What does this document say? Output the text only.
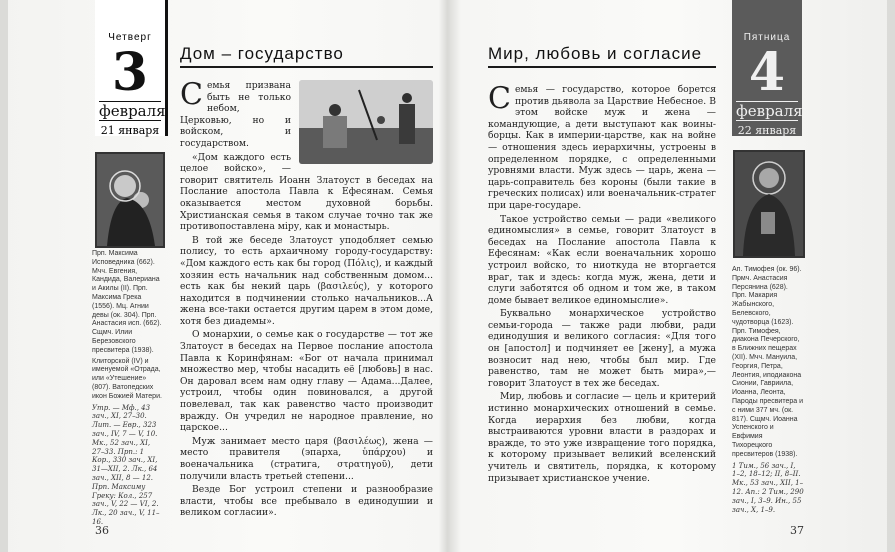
Четверг
3
февраля
21 января
Дом – государство

Прп. Максима Исповедника (662). Мчч. Евгения, Кандида, Валериана и Акилы (II). Прп. Максима Грека (1556). Мц. Агнии девы (ок. 304). Прп. Анастасия исп. (662). Сщмч. Илии Березовского пресвитера (1938).

Клиторской (IV) и именуемой «Отрада, или «Утешение» (807). Ватопедских икон Божией Матери.

Утр. — Мф., 43 зач., XI, 27–30. Лит. — Евр., 323 зач., IV, 7 — V, 10. Мк., 52 зач., XI, 27–33. Прп.: 1 Кор., 330 зач., XI, 31—XII, 2. Лк., 64 зач., XII, 8 — 12. Прп. Максиму Греку: Кол., 257 зач., V, 22 — VI, 2. Лк., 20 зач., V, 11–16.

Семья призвана быть не только небом, Церковью, но и войском, и государством.

«Дом каждого есть целое войско», — говорит святитель Иоанн Златоуст в беседах на Послание апостола Павла к Ефесянам. Семья оказывается местом духовной борьбы. Христианская семья в таком случае точно так же противопоставлена міру, как и монастырь.

В той же беседе Златоуст уподобляет семью полису, то есть архаичному городу-государству: «Дом каждого есть как бы город (Πόλις), и каждый хозяин есть начальник над собственным домом... есть как бы некий царь (βασιλεύς), у которого находится в подчинении столько начальников...А жена все-таки остается другим царем в этом доме, хотя без диадемы».

О монархии, о семье как о государстве — тот же Златоуст в беседах на Первое послание апостола Павла к Коринфянам: «Бог от начала принимал множество мер, чтобы насадить её [любовь] в нас. Он даровал всем нам одну главу — Адама...Далее, устроил, чтобы один повиновался, а другой повелевал, так как равенство часто производит вражду. Он учредил не народное правление, но царское...

Муж занимает место царя (βασιλέως), жена — место правителя (эпарха, ὑπάρχου) и военачальника (стратига, στρατηγοῦ), дети получили власть третьей степени...

Везде Бог устроил степени и разнообразие власти, чтобы все пребывало в единодушии и великом согласии».

36
Мир, любовь и согласие
Пятница
4
февраля
22 января

Семья — государство, которое борется против дьявола за Царствие Небесное. В этом войске муж и жена — командующие, а дети выступают как воины-борцы. Как в империи-царстве, как на войне — отношения здесь иерархичны, устроены в определенном порядке, с определенными уровнями власти. Муж здесь — царь, жена — царь-сопрaвитель без короны (были такие в греческих полисах) или военачальник-стратег при царе-государе.

Такое устройство семьи — ради «великого единомыслия» в семье, говорит Златоуст в беседах на Послание апостола Павла к Ефесянам: «Как если военачальник хорошо устроил войско, то ниоткуда не вторгается враг, так и здесь: когда муж, жена, дети и слуги заботятся об одном и том же, в таком доме бывает великое единомыслие».

Буквально монархическое устройство семьи-города — также ради любви, ради единодушия и великого согласия: «Для того он [апостол] и подчиняет ее [жену], а мужа возносит над нею, чтобы был мир. Где равенство, там не может быть мира»,— говорит Златоуст в тех же беседах.

Мир, любовь и согласие — цель и критерий истинно монархических отношений в семье. Когда иерархия без любви, когда выстраиваются уровни власти в раздорах и вражде, то это уже извращение того порядка, к которому призывает великий вселенский учитель и святитель, порядка, к которому призывает христианское учение.

Ап. Тимофея (ок. 96). Прмч. Анастасия Персянина (628). Прп. Макария Жабынского, Белевского, чудотворца (1623). Прп. Тимофея, диакона Печерского, в Ближних пещерах (XII). Мчч. Мануила, Георгия, Петра, Леонтия, иподиакона Сионии, Гавриила, Иоанна, Леонта, Пароды пресвитера и с ними 377 мч. (ок. 817). Сщмч. Иоанна Успенского и Евфимия Тихорецкого пресвитеров (1938).

1 Тим., 56 зач., I, 1–2, 18–12; II, 8–II. Мк., 53 зач., XII, 1–12. Ап.: 2 Тим., 290 зач., I, 3–9. Ин., 55 зач., X, 1–9.

37
